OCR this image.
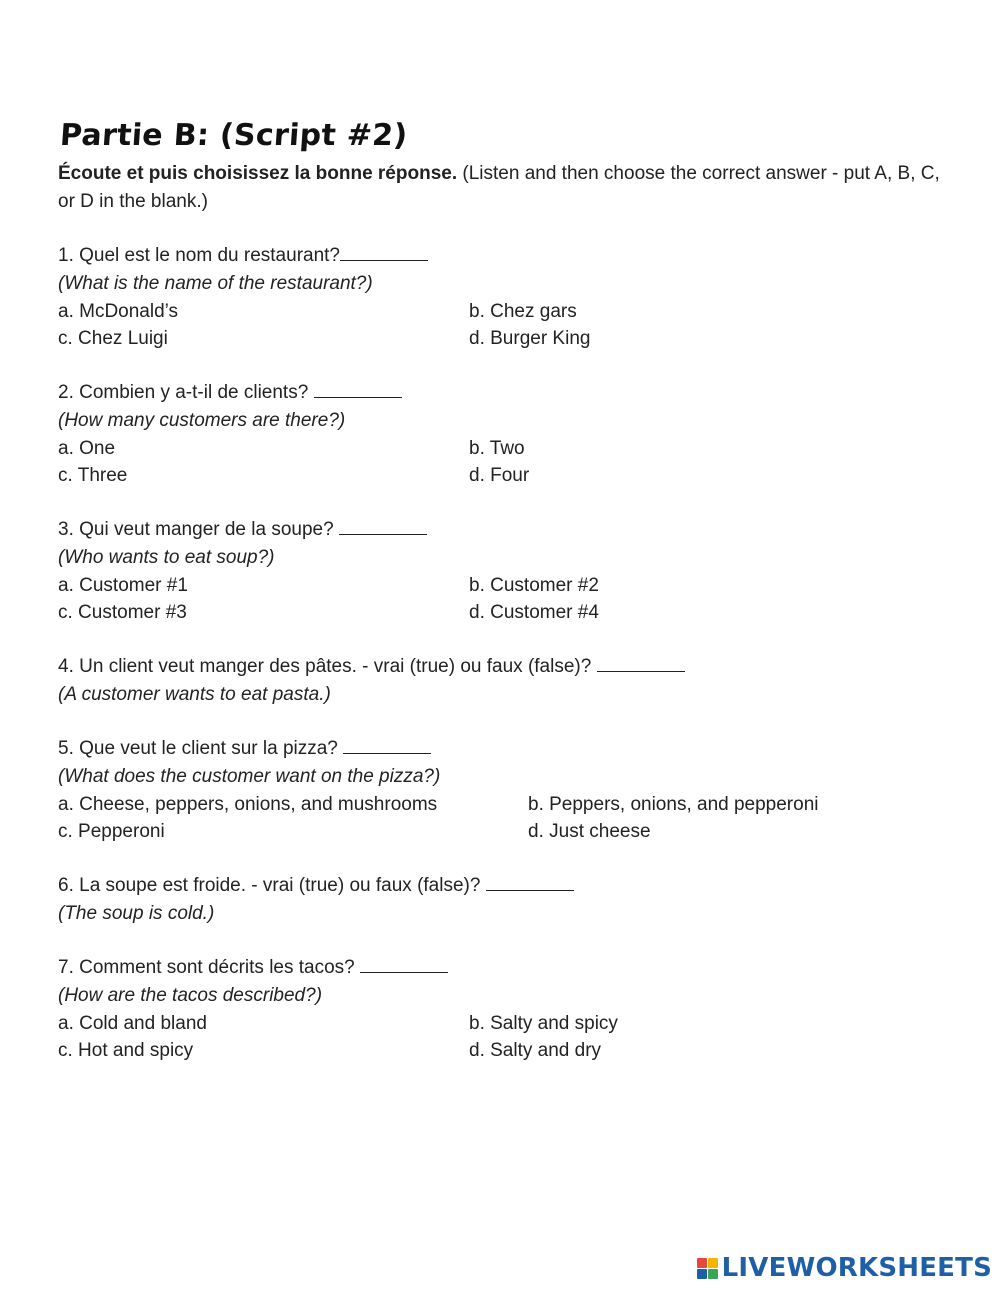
Partie B: (Script #2)
Écoute et puis choisissez la bonne réponse. (Listen and then choose the correct answer - put A, B, C, or D in the blank.)
1. Quel est le nom du restaurant?
(What is the name of the restaurant?)
a. McDonald’s	b. Chez gars
c. Chez Luigi	d. Burger King
2. Combien y a-t-il de clients?
(How many customers are there?)
a. One	b. Two
c. Three	d. Four
3. Qui veut manger de la soupe?
(Who wants to eat soup?)
a. Customer #1	b. Customer #2
c. Customer #3	d. Customer #4
4. Un client veut manger des pâtes. - vrai (true) ou faux (false)?
(A customer wants to eat pasta.)
5. Que veut le client sur la pizza?
(What does the customer want on the pizza?)
a. Cheese, peppers, onions, and mushrooms	b. Peppers, onions, and pepperoni
c. Pepperoni	d. Just cheese
6. La soupe est froide. - vrai (true) ou faux (false)?
(The soup is cold.)
7. Comment sont décrits les tacos?
(How are the tacos described?)
a. Cold and bland	b. Salty and spicy
c. Hot and spicy	d. Salty and dry
LIVEWORKSHEETS
